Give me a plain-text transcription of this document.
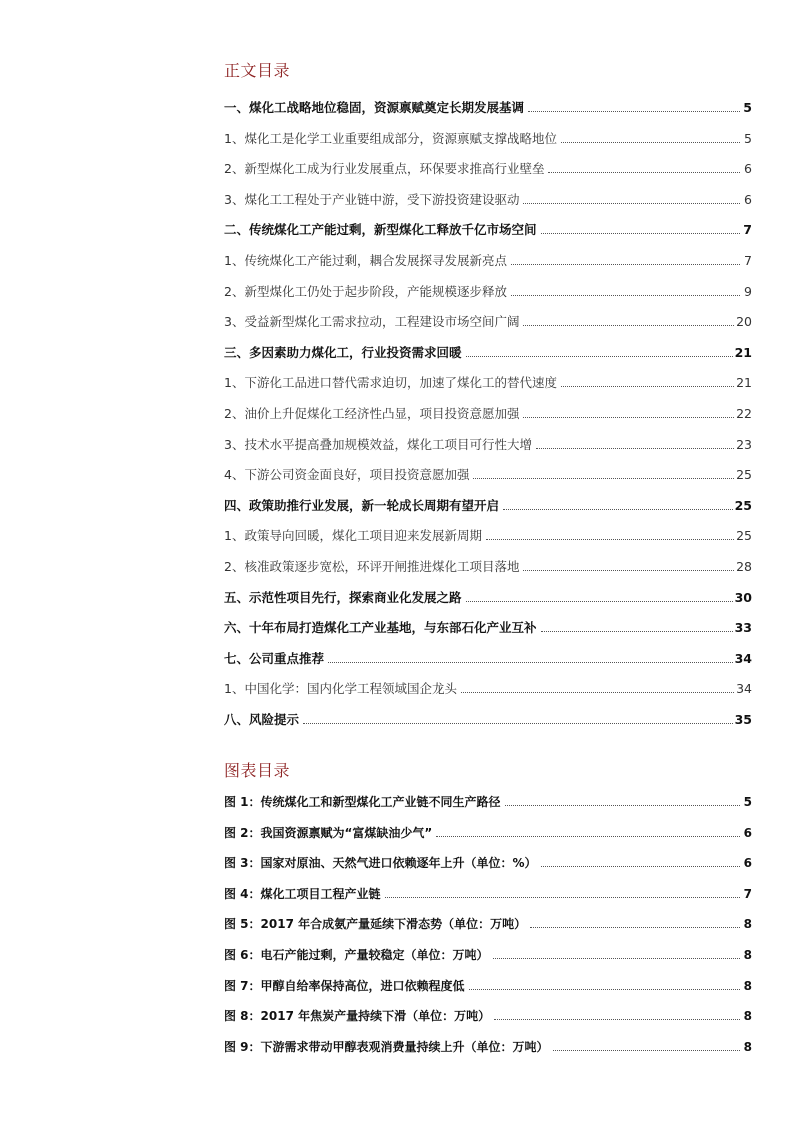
正文目录
一、煤化工战略地位稳固，资源禀赋奠定长期发展基调	5
1、煤化工是化学工业重要组成部分，资源禀赋支撑战略地位	5
2、新型煤化工成为行业发展重点，环保要求推高行业壁垒	6
3、煤化工工程处于产业链中游，受下游投资建设驱动	6
二、传统煤化工产能过剩，新型煤化工释放千亿市场空间	7
1、传统煤化工产能过剩，耦合发展探寻发展新亮点	7
2、新型煤化工仍处于起步阶段，产能规模逐步释放	9
3、受益新型煤化工需求拉动，工程建设市场空间广阔	20
三、多因素助力煤化工，行业投资需求回暖	21
1、下游化工品进口替代需求迫切，加速了煤化工的替代速度	21
2、油价上升促煤化工经济性凸显，项目投资意愿加强	22
3、技术水平提高叠加规模效益，煤化工项目可行性大增	23
4、下游公司资金面良好，项目投资意愿加强	25
四、政策助推行业发展，新一轮成长周期有望开启	25
1、政策导向回暖，煤化工项目迎来发展新周期	25
2、核准政策逐步宽松，环评开闸推进煤化工项目落地	28
五、示范性项目先行，探索商业化发展之路	30
六、十年布局打造煤化工产业基地，与东部石化产业互补	33
七、公司重点推荐	34
1、中国化学：国内化学工程领域国企龙头	34
八、风险提示	35
图表目录
图 1：传统煤化工和新型煤化工产业链不同生产路径	5
图 2：我国资源禀赋为“富煤缺油少气”	6
图 3：国家对原油、天然气进口依赖逐年上升（单位：%）	6
图 4：煤化工项目工程产业链	7
图 5：2017 年合成氨产量延续下滑态势（单位：万吨）	8
图 6：电石产能过剩，产量较稳定（单位：万吨）	8
图 7：甲醇自给率保持高位，进口依赖程度低	8
图 8：2017 年焦炭产量持续下滑（单位：万吨）	8
图 9：下游需求带动甲醇表观消费量持续上升（单位：万吨）	8
